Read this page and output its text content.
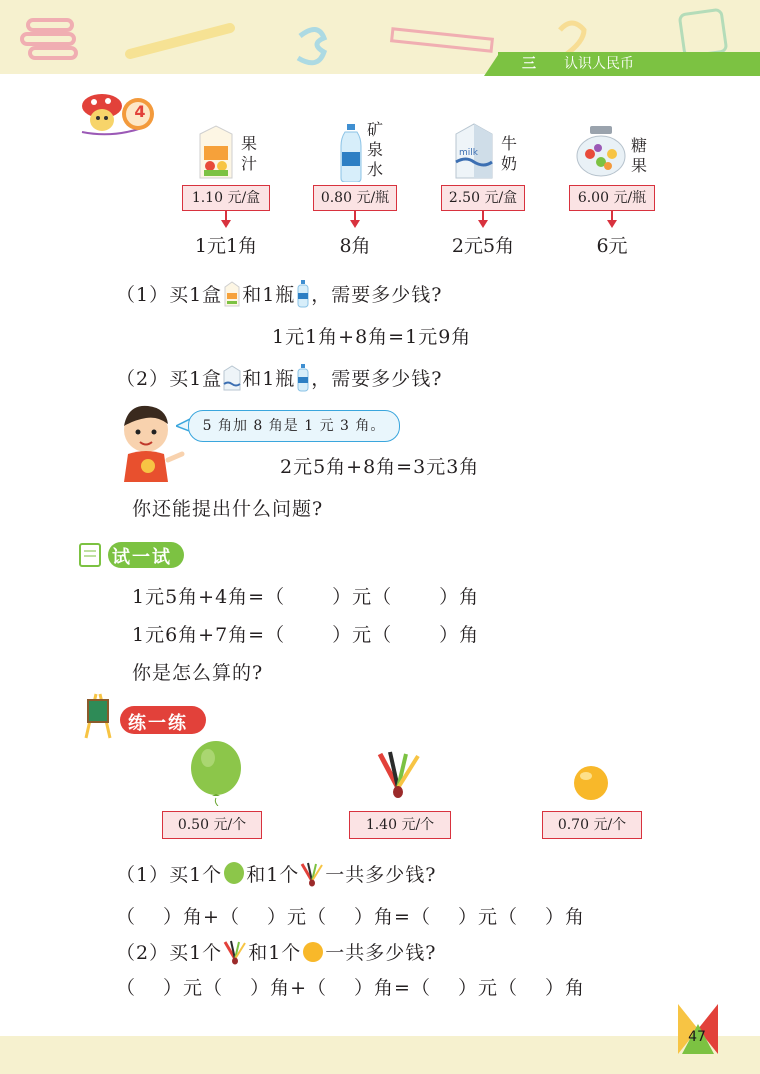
三 认识人民币
4
果
汁
矿
泉
水
milk 牛
奶
糖
果
1.10 元/盒	0.80 元/瓶	2.50 元/盒	6.00 元/瓶
1元1角	8角	2元5角	6元
（1）买1盒 和1瓶 ，需要多少钱?
1元1角+8角=1元9角
（2）买1盒 和1瓶 ，需要多少钱?
5 角加 8 角是 1 元 3 角。
2元5角+8角=3元3角
你还能提出什么问题?
试一试
1元5角+4角=（　　 ）元（　　 ）角
1元6角+7角=（　　 ）元（　　 ）角
你是怎么算的?
练一练
0.50 元/个	1.40 元/个	0.70 元/个
（1）买1个 和1个 一共多少钱?
（　 ）角+（　 ）元（　 ）角=（　 ）元（　 ）角
（2）买1个 和1个 一共多少钱?
（　 ）元（　 ）角+（　 ）角=（　 ）元（　 ）角
47
